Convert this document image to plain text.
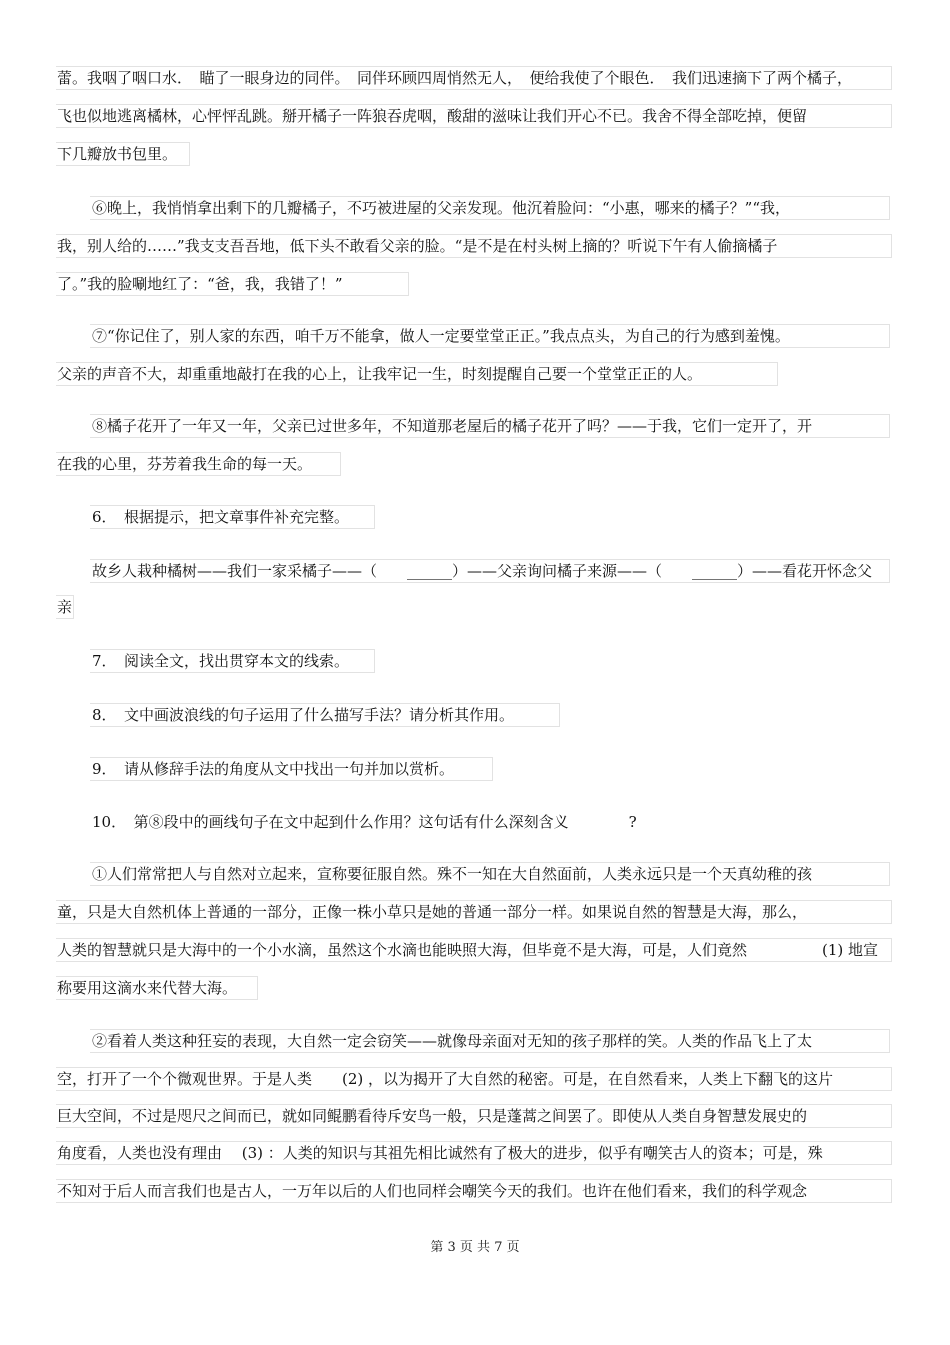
蕾。我咽了咽口水．　瞄了一眼身边的同伴。　同伴环顾四周悄然无人，　便给我使了个眼色．　我们迅速摘下了两个橘子，
飞也似地逃离橘林，心怦怦乱跳。掰开橘子一阵狼吞虎咽，酸甜的滋味让我们开心不已。我舍不得全部吃掉，便留
下几瓣放书包里。
⑥晚上，我悄悄拿出剩下的几瓣橘子，不巧被进屋的父亲发现。他沉着脸问：“小惠，哪来的橘子？”“我，
我，别人给的……”我支支吾吾地，低下头不敢看父亲的脸。“是不是在村头树上摘的？听说下午有人偷摘橘子
了。”我的脸唰地红了：“爸，我，我错了！”
⑦“你记住了，别人家的东西，咱千万不能拿，做人一定要堂堂正正。”我点点头，为自己的行为感到羞愧。
父亲的声音不大，却重重地敲打在我的心上，让我牢记一生，时刻提醒自己要一个堂堂正正的人。
⑧橘子花开了一年又一年，父亲已过世多年，不知道那老屋后的橘子花开了吗？——于我，它们一定开了，开
在我的心里，芬芳着我生命的每一天。
6．　根据提示，把文章事件补充完整。
故乡人栽种橘树——我们一家采橘子——（　　______）——父亲询问橘子来源——（　　______）——看花开怀念父
亲
7．　阅读全文，找出贯穿本文的线索。
8．　文中画波浪线的句子运用了什么描写手法？请分析其作用。
9．　请从修辞手法的角度从文中找出一句并加以赏析。
10．　第⑧段中的画线句子在文中起到什么作用？这句话有什么深刻含义　　　　?
①人们常常把人与自然对立起来，宣称要征服自然。殊不一知在大自然面前，人类永远只是一个天真幼稚的孩
童，只是大自然机体上普通的一部分，正像一株小草只是她的普通一部分一样。如果说自然的智慧是大海，那么，
人类的智慧就只是大海中的一个小水滴，虽然这个水滴也能映照大海，但毕竟不是大海，可是，人们竟然　　　　　(1) 地宣
称要用这滴水来代替大海。
②看着人类这种狂妄的表现，大自然一定会窃笑——就像母亲面对无知的孩子那样的笑。人类的作品飞上了太
空，打开了一个个微观世界。于是人类　　(2) ，以为揭开了大自然的秘密。可是，在自然看来，人类上下翻飞的这片
巨大空间，不过是咫尺之间而已，就如同鲲鹏看待斥安鸟一般，只是蓬蒿之间罢了。即使从人类自身智慧发展史的
角度看，人类也没有理由　 (3) ：人类的知识与其祖先相比诚然有了极大的进步，似乎有嘲笑古人的资本；可是，殊
不知对于后人而言我们也是古人，一万年以后的人们也同样会嘲笑今天的我们。也许在他们看来，我们的科学观念
第 3 页 共 7 页
